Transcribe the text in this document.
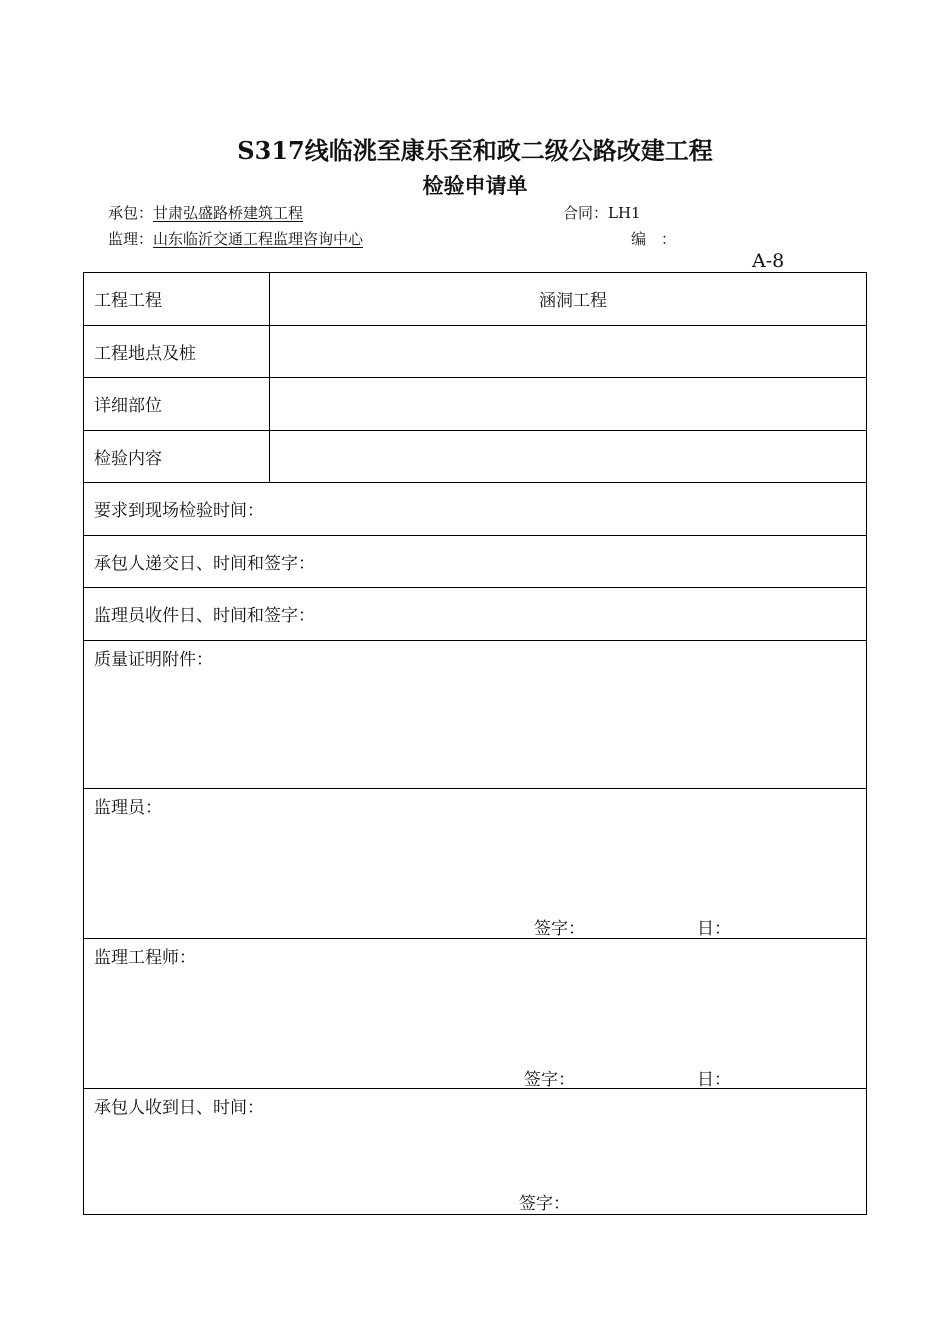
S317线临洮至康乐至和政二级公路改建工程
检验申请单
承包：甘肃弘盛路桥建筑工程	合同：LH1
监理：山东临沂交通工程监理咨询中心	编　：
A-8
工程工程	涵洞工程
工程地点及桩	
详细部位	
检验内容	
要求到现场检验时间：	
承包人递交日、时间和签字：	
监理员收件日、时间和签字：	
质量证明附件：	
监理员：
签字： 日：	

监理工程师：
签字： 日：	

承包人收到日、时间：
签字：	
